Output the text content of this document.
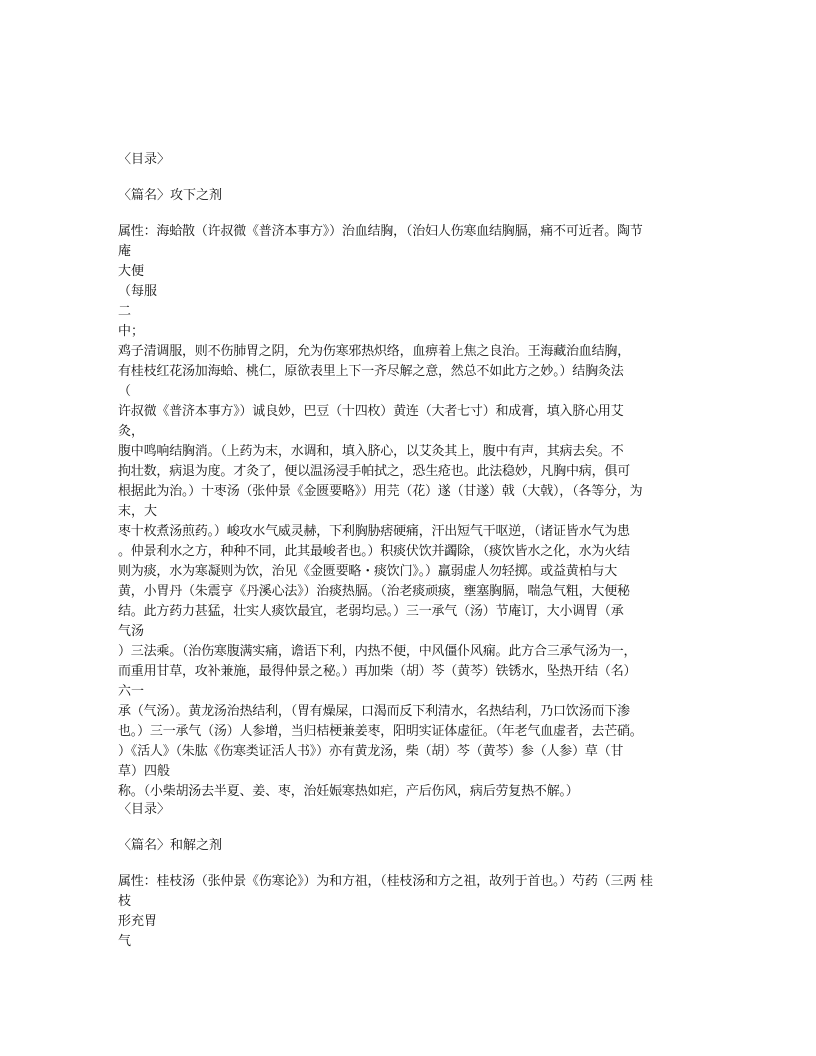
〈目录〉

〈篇名〉攻下之剂

属性：海蛤散（许叔微《普济本事方》）治血结胸，（治妇人伤寒血结胸膈，痛不可近者。陶节

庵

大便

（每服

二

中；

鸡子清调服，则不伤肺胃之阴，允为伤寒邪热炽络，血痹着上焦之良治。王海藏治血结胸，

有桂枝红花汤加海蛤、桃仁，原欲表里上下一齐尽解之意，然总不如此方之妙。）结胸灸法

（

许叔微《普济本事方》）诚良妙，巴豆（十四枚）黄连（大者七寸）和成膏，填入脐心用艾

灸，

腹中鸣响结胸消。（上药为末，水调和，填入脐心，以艾灸其上，腹中有声，其病去矣。不

拘壮数，病退为度。才灸了，便以温汤浸手帕拭之，恐生疮也。此法稳妙，凡胸中病，俱可

根据此为治。）十枣汤（张仲景《金匮要略》）用芫（花）遂（甘遂）戟（大戟），（各等分，为

末，大

枣十枚煮汤煎药。）峻攻水气威灵赫，下利胸胁痞硬痛，汗出短气干呕逆，（诸证皆水气为患

。仲景利水之方，种种不同，此其最峻者也。）积痰伏饮并蠲除，（痰饮皆水之化，水为火结

则为痰，水为寒凝则为饮，治见《金匮要略・痰饮门》。）羸弱虚人勿轻掷。或益黄柏与大

黄，小胃丹（朱震亨《丹溪心法》）治痰热膈。（治老痰顽痰，壅塞胸膈，喘急气粗，大便秘

结。此方药力甚猛，壮实人痰饮最宜，老弱均忌。）三一承气（汤）节庵订，大小调胃（承

气汤

）三法乘。（治伤寒腹满实痛，谵语下利，内热不便，中风僵仆风痫。此方合三承气汤为一，

而重用甘草，攻补兼施，最得仲景之秘。）再加柴（胡）芩（黄芩）铁锈水，坠热开结（名）

六一

承（气汤）。黄龙汤治热结利，（胃有燥屎，口渴而反下利清水，名热结利，乃口饮汤而下渗

也。）三一承气（汤）人参增，当归桔梗兼姜枣，阳明实证体虚征。（年老气血虚者，去芒硝。

）《活人》（朱肱《伤寒类证活人书》）亦有黄龙汤，柴（胡）芩（黄芩）参（人参）草（甘

草）四般

称。（小柴胡汤去半夏、姜、枣，治妊娠寒热如疟，产后伤风，病后劳复热不解。）

〈目录〉

〈篇名〉和解之剂

属性：桂枝汤（张仲景《伤寒论》）为和方祖，（桂枝汤和方之祖，故列于首也。）芍药（三两 桂

枝

形充胃

气
